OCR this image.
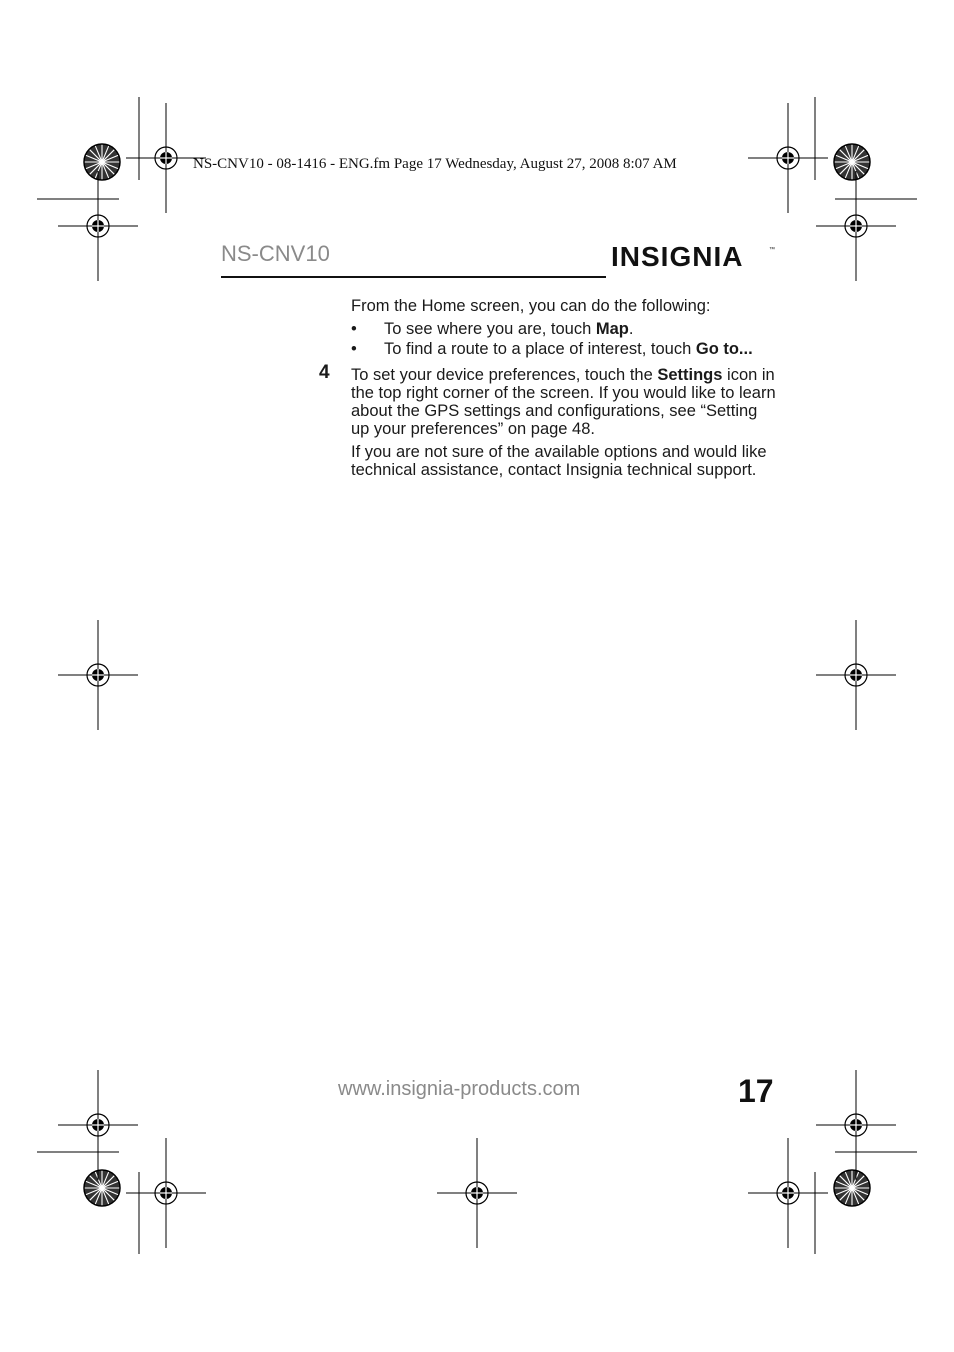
NS-CNV10 - 08-1416 - ENG.fm Page 17 Wednesday, August 27, 2008 8:07 AM
NS-CNV10	INSIGNIA	™

From the Home screen, you can do the following:

• To see where you are, touch Map.
• To find a route to a place of interest, touch Go to...

4 To set your device preferences, touch the Settings icon in the top right corner of the screen. If you would like to learn about the GPS settings and configurations, see “Setting up your preferences” on page 48.

If you are not sure of the available options and would like technical assistance, contact Insignia technical support.

www.insignia-products.com	17
